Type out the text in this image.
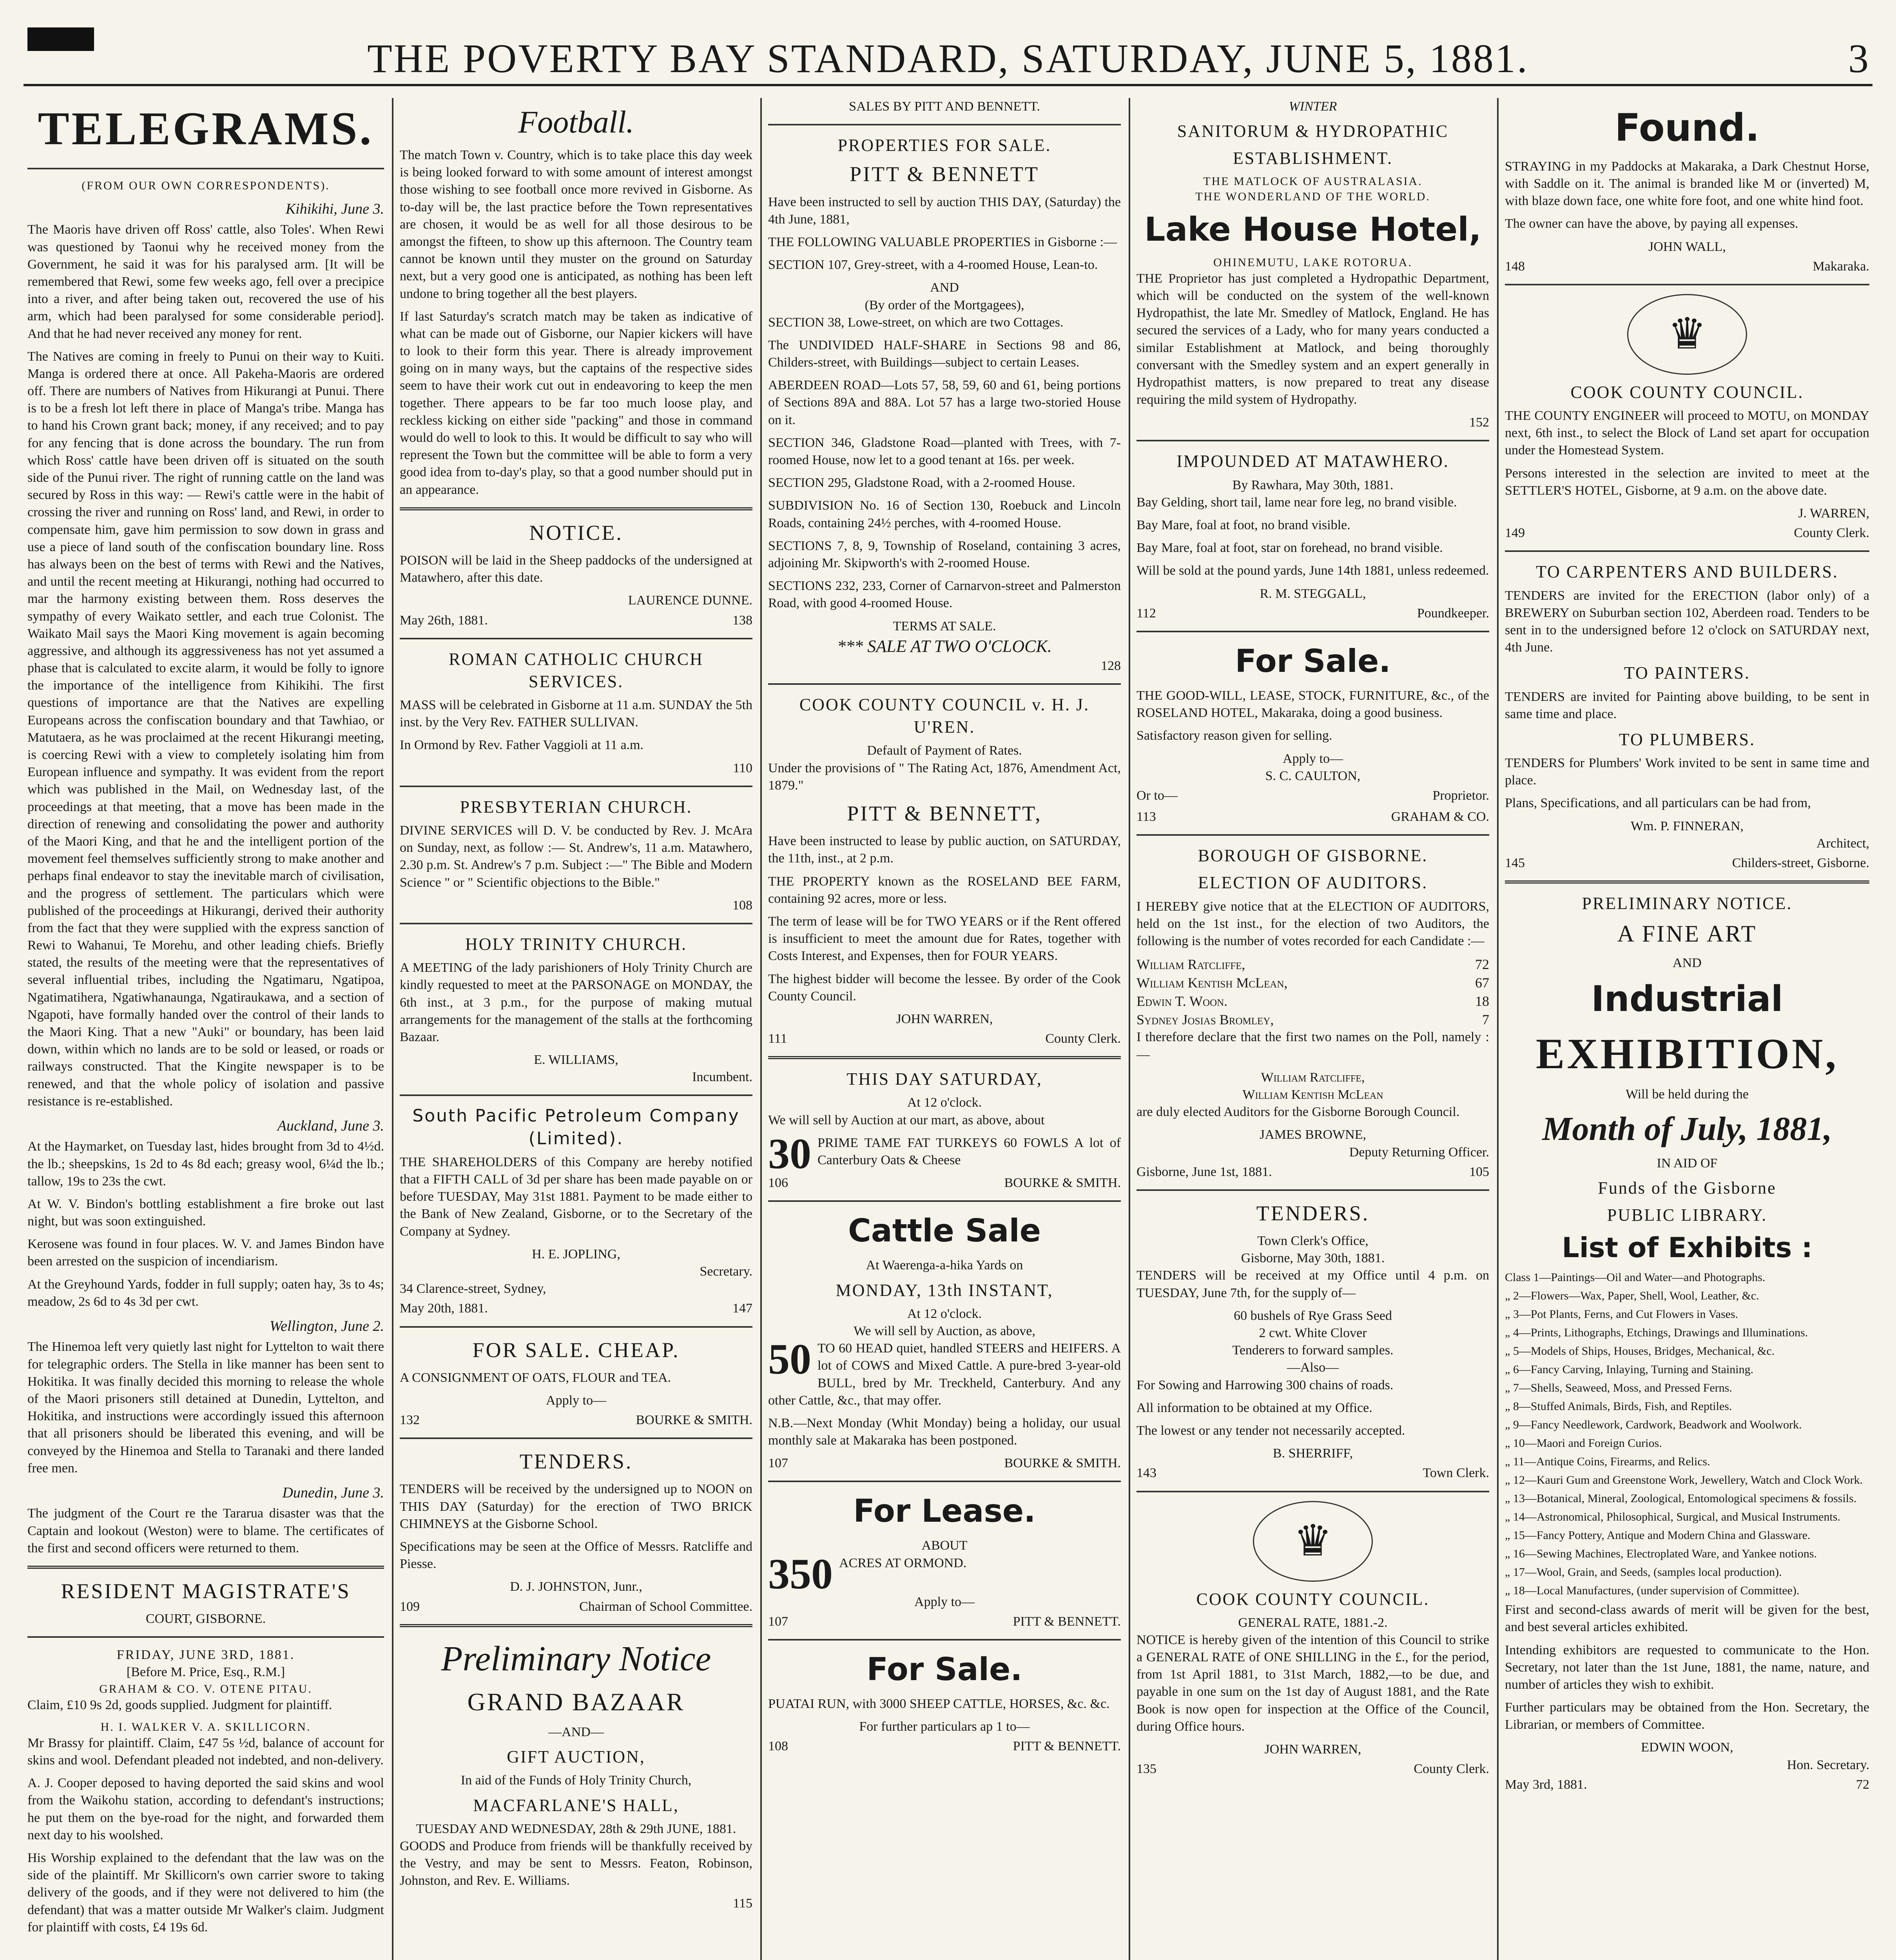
THE POVERTY BAY STANDARD, SATURDAY, JUNE 5, 1881.	3
TELEGRAMS.
(FROM OUR OWN CORRESPONDENTS).
Kihikihi, June 3.

The Maoris have driven off Ross' cattle, also Toles'. When Rewi was questioned by Taonui why he received money from the Government, he said it was for his paralysed arm. [It will be remembered that Rewi, some few weeks ago, fell over a precipice into a river, and after being taken out, recovered the use of his arm, which had been paralysed for some considerable period]. And that he had never received any money for rent.

The Natives are coming in freely to Punui on their way to Kuiti. Manga is ordered there at once. All Pakeha-Maoris are ordered off. There are numbers of Natives from Hikurangi at Punui. There is to be a fresh lot left there in place of Manga's tribe. Manga has to hand his Crown grant back; money, if any received; and to pay for any fencing that is done across the boundary. The run from which Ross' cattle have been driven off is situated on the south side of the Punui river. The right of running cattle on the land was secured by Ross in this way: — Rewi's cattle were in the habit of crossing the river and running on Ross' land, and Rewi, in order to compensate him, gave him permission to sow down in grass and use a piece of land south of the confiscation boundary line. Ross has always been on the best of terms with Rewi and the Natives, and until the recent meeting at Hikurangi, nothing had occurred to mar the harmony existing between them. Ross deserves the sympathy of every Waikato settler, and each true Colonist. The Waikato Mail says the Maori King movement is again becoming aggressive, and although its aggressiveness has not yet assumed a phase that is calculated to excite alarm, it would be folly to ignore the importance of the intelligence from Kihikihi. The first questions of importance are that the Natives are expelling Europeans across the confiscation boundary and that Tawhiao, or Matutaera, as he was proclaimed at the recent Hikurangi meeting, is coercing Rewi with a view to completely isolating him from European influence and sympathy. It was evident from the report which was published in the Mail, on Wednesday last, of the proceedings at that meeting, that a move has been made in the direction of renewing and consolidating the power and authority of the Maori King, and that he and the intelligent portion of the movement feel themselves sufficiently strong to make another and perhaps final endeavor to stay the inevitable march of civilisation, and the progress of settlement. The particulars which were published of the proceedings at Hikurangi, derived their authority from the fact that they were supplied with the express sanction of Rewi to Wahanui, Te Morehu, and other leading chiefs. Briefly stated, the results of the meeting were that the representatives of several influential tribes, including the Ngatimaru, Ngatipoa, Ngatimatihera, Ngatiwhanaunga, Ngatiraukawa, and a section of Ngapoti, have formally handed over the control of their lands to the Maori King. That a new "Auki" or boundary, has been laid down, within which no lands are to be sold or leased, or roads or railways constructed. That the Kingite newspaper is to be renewed, and that the whole policy of isolation and passive resistance is re-established.

Auckland, June 3.

At the Haymarket, on Tuesday last, hides brought from 3d to 4½d. the lb.; sheepskins, 1s 2d to 4s 8d each; greasy wool, 6¼d the lb.; tallow, 19s to 23s the cwt.

At W. V. Bindon's bottling establishment a fire broke out last night, but was soon extinguished.

Kerosene was found in four places. W. V. and James Bindon have been arrested on the suspicion of incendiarism.

At the Greyhound Yards, fodder in full supply; oaten hay, 3s to 4s; meadow, 2s 6d to 4s 3d per cwt.

Wellington, June 2.

The Hinemoa left very quietly last night for Lyttelton to wait there for telegraphic orders. The Stella in like manner has been sent to Hokitika. It was finally decided this morning to release the whole of the Maori prisoners still detained at Dunedin, Lyttelton, and Hokitika, and instructions were accordingly issued this afternoon that all prisoners should be liberated this evening, and will be conveyed by the Hinemoa and Stella to Taranaki and there landed free men.

Dunedin, June 3.

The judgment of the Court re the Tararua disaster was that the Captain and lookout (Weston) were to blame. The certificates of the first and second officers were returned to them.

RESIDENT MAGISTRATE'S
COURT, GISBORNE.
FRIDAY, JUNE 3RD, 1881.
[Before M. Price, Esq., R.M.]
GRAHAM & CO. V. OTENE PITAU.

Claim, £10 9s 2d, goods supplied. Judgment for plaintiff.

H. I. WALKER V. A. SKILLICORN.

Mr Brassy for plaintiff. Claim, £47 5s ½d, balance of account for skins and wool. Defendant pleaded not indebted, and non-delivery.

A. J. Cooper deposed to having deported the said skins and wool from the Waikohu station, according to defendant's instructions; he put them on the bye-road for the night, and forwarded them next day to his woolshed.

His Worship explained to the defendant that the law was on the side of the plaintiff. Mr Skillicorn's own carrier swore to taking delivery of the goods, and if they were not delivered to him (the defendant) that was a matter outside Mr Walker's claim. Judgment for plaintiff with costs, £4 19s 6d.

Football.

The match Town v. Country, which is to take place this day week is being looked forward to with some amount of interest amongst those wishing to see football once more revived in Gisborne. As to-day will be, the last practice before the Town representatives are chosen, it would be as well for all those desirous to be amongst the fifteen, to show up this afternoon. The Country team cannot be known until they muster on the ground on Saturday next, but a very good one is anticipated, as nothing has been left undone to bring together all the best players.

If last Saturday's scratch match may be taken as indicative of what can be made out of Gisborne, our Napier kickers will have to look to their form this year. There is already improvement going on in many ways, but the captains of the respective sides seem to have their work cut out in endeavoring to keep the men together. There appears to be far too much loose play, and reckless kicking on either side "packing" and those in command would do well to look to this. It would be difficult to say who will represent the Town but the committee will be able to form a very good idea from to-day's play, so that a good number should put in an appearance.

NOTICE.

POISON will be laid in the Sheep paddocks of the undersigned at Matawhero, after this date.

LAURENCE DUNNE.
May 26th, 1881.	138
ROMAN CATHOLIC CHURCH SERVICES.

MASS will be celebrated in Gisborne at 11 a.m. SUNDAY the 5th inst. by the Very Rev. FATHER SULLIVAN.

In Ormond by Rev. Father Vaggioli at 11 a.m.

110
PRESBYTERIAN CHURCH.

DIVINE SERVICES will D. V. be conducted by Rev. J. McAra on Sunday, next, as follow :— St. Andrew's, 11 a.m. Matawhero, 2.30 p.m. St. Andrew's 7 p.m. Subject :—" The Bible and Modern Science " or " Scientific objections to the Bible."

108
HOLY TRINITY CHURCH.

A MEETING of the lady parishioners of Holy Trinity Church are kindly requested to meet at the PARSONAGE on MONDAY, the 6th inst., at 3 p.m., for the purpose of making mutual arrangements for the management of the stalls at the forthcoming Bazaar.

E. WILLIAMS,
Incumbent.
South Pacific Petroleum Company (Limited).

THE SHAREHOLDERS of this Company are hereby notified that a FIFTH CALL of 3d per share has been made payable on or before TUESDAY, May 31st 1881. Payment to be made either to the Bank of New Zealand, Gisborne, or to the Secretary of the Company at Sydney.

H. E. JOPLING,
Secretary.
34 Clarence-street, Sydney,
May 20th, 1881.	147
FOR SALE. CHEAP.

A CONSIGNMENT OF OATS, FLOUR and TEA.

Apply to—
132	BOURKE & SMITH.
TENDERS.

TENDERS will be received by the undersigned up to NOON on THIS DAY (Saturday) for the erection of TWO BRICK CHIMNEYS at the Gisborne School.

Specifications may be seen at the Office of Messrs. Ratcliffe and Piesse.

D. J. JOHNSTON, Junr.,
109	Chairman of School Committee.
Preliminary Notice
GRAND BAZAAR
—AND—
GIFT AUCTION,
In aid of the Funds of Holy Trinity Church,
MACFARLANE'S HALL,
TUESDAY AND WEDNESDAY, 28th & 29th JUNE, 1881.

GOODS and Produce from friends will be thankfully received by the Vestry, and may be sent to Messrs. Featon, Robinson, Johnston, and Rev. E. Williams.

115
SALES BY PITT AND BENNETT.
PROPERTIES FOR SALE.
PITT & BENNETT

Have been instructed to sell by auction THIS DAY, (Saturday) the 4th June, 1881,

THE FOLLOWING VALUABLE PROPERTIES in Gisborne :—

SECTION 107, Grey-street, with a 4-roomed House, Lean-to.

AND
(By order of the Mortgagees),

SECTION 38, Lowe-street, on which are two Cottages.

The UNDIVIDED HALF-SHARE in Sections 98 and 86, Childers-street, with Buildings—subject to certain Leases.

ABERDEEN ROAD—Lots 57, 58, 59, 60 and 61, being portions of Sections 89A and 88A. Lot 57 has a large two-storied House on it.

SECTION 346, Gladstone Road—planted with Trees, with 7-roomed House, now let to a good tenant at 16s. per week.

SECTION 295, Gladstone Road, with a 2-roomed House.

SUBDIVISION No. 16 of Section 130, Roebuck and Lincoln Roads, containing 24½ perches, with 4-roomed House.

SECTIONS 7, 8, 9, Township of Roseland, containing 3 acres, adjoining Mr. Skipworth's with 2-roomed House.

SECTIONS 232, 233, Corner of Carnarvon-street and Palmerston Road, with good 4-roomed House.

TERMS AT SALE.
*** SALE AT TWO O'CLOCK.
128
COOK COUNTY COUNCIL v. H. J. U'REN.
Default of Payment of Rates.

Under the provisions of " The Rating Act, 1876, Amendment Act, 1879."

PITT & BENNETT,

Have been instructed to lease by public auction, on SATURDAY, the 11th, inst., at 2 p.m.

THE PROPERTY known as the ROSELAND BEE FARM, containing 92 acres, more or less.

The term of lease will be for TWO YEARS or if the Rent offered is insufficient to meet the amount due for Rates, together with Costs Interest, and Expenses, then for FOUR YEARS.

The highest bidder will become the lessee. By order of the Cook County Council.

JOHN WARREN,
111	County Clerk.
THIS DAY SATURDAY,
At 12 o'clock.

We will sell by Auction at our mart, as above, about

30 PRIME TAME FAT TURKEYS 60 FOWLS A lot of Canterbury Oats & Cheese

106	BOURKE & SMITH.
Cattle Sale
At Waerenga-a-hika Yards on
MONDAY, 13th INSTANT,
At 12 o'clock.
We will sell by Auction, as above,

50 TO 60 HEAD quiet, handled STEERS and HEIFERS. A lot of COWS and Mixed Cattle. A pure-bred 3-year-old BULL, bred by Mr. Treckheld, Canterbury. And any other Cattle, &c., that may offer.

N.B.—Next Monday (Whit Monday) being a holiday, our usual monthly sale at Makaraka has been postponed.

107	BOURKE & SMITH.
For Lease.
ABOUT

350 ACRES AT ORMOND.

Apply to—
107	PITT & BENNETT.
For Sale.

PUATAI RUN, with 3000 SHEEP CATTLE, HORSES, &c. &c.

For further particulars ap 1 to—
108	PITT & BENNETT.
WINTER
SANITORUM & HYDROPATHIC
ESTABLISHMENT.
THE MATLOCK OF AUSTRALASIA.
THE WONDERLAND OF THE WORLD.
Lake House Hotel,
OHINEMUTU, LAKE ROTORUA.

THE Proprietor has just completed a Hydropathic Department, which will be conducted on the system of the well-known Hydropathist, the late Mr. Smedley of Matlock, England. He has secured the services of a Lady, who for many years conducted a similar Establishment at Matlock, and being thoroughly conversant with the Smedley system and an expert generally in Hydropathist matters, is now prepared to treat any disease requiring the mild system of Hydropathy.

152
IMPOUNDED AT MATAWHERO.
By Rawhara, May 30th, 1881.

Bay Gelding, short tail, lame near fore leg, no brand visible.

Bay Mare, foal at foot, no brand visible.

Bay Mare, foal at foot, star on forehead, no brand visible.

Will be sold at the pound yards, June 14th 1881, unless redeemed.

R. M. STEGGALL,
112	Poundkeeper.
For Sale.

THE GOOD-WILL, LEASE, STOCK, FURNITURE, &c., of the ROSELAND HOTEL, Makaraka, doing a good business.

Satisfactory reason given for selling.

Apply to—
S. C. CAULTON,
Or to—	Proprietor.
113	GRAHAM & CO.
BOROUGH OF GISBORNE.
ELECTION OF AUDITORS.

I HEREBY give notice that at the ELECTION OF AUDITORS, held on the 1st inst., for the election of two Auditors, the following is the number of votes recorded for each Candidate :—

William Ratcliffe,	72
William Kentish McLean,	67
Edwin T. Woon.	18
Sydney Josias Bromley,	7

I therefore declare that the first two names on the Poll, namely :—

William Ratcliffe,
William Kentish McLean

are duly elected Auditors for the Gisborne Borough Council.

JAMES BROWNE,
Deputy Returning Officer.
Gisborne, June 1st, 1881.	105
TENDERS.
Town Clerk's Office,
Gisborne, May 30th, 1881.

TENDERS will be received at my Office until 4 p.m. on TUESDAY, June 7th, for the supply of—

60 bushels of Rye Grass Seed
2 cwt. White Clover
Tenderers to forward samples.
—Also—

For Sowing and Harrowing 300 chains of roads.

All information to be obtained at my Office.

The lowest or any tender not necessarily accepted.

B. SHERRIFF,
143	Town Clerk.
♛
COOK COUNTY COUNCIL.
GENERAL RATE, 1881.-2.

NOTICE is hereby given of the intention of this Council to strike a GENERAL RATE of ONE SHILLING in the £., for the period, from 1st April 1881, to 31st March, 1882,—to be due, and payable in one sum on the 1st day of August 1881, and the Rate Book is now open for inspection at the Office of the Council, during Office hours.

JOHN WARREN,
135	County Clerk.
Found.

STRAYING in my Paddocks at Makaraka, a Dark Chestnut Horse, with Saddle on it. The animal is branded like M or (inverted) M, with blaze down face, one white fore foot, and one white hind foot.

The owner can have the above, by paying all expenses.

JOHN WALL,
148	Makaraka.
♛
COOK COUNTY COUNCIL.

THE COUNTY ENGINEER will proceed to MOTU, on MONDAY next, 6th inst., to select the Block of Land set apart for occupation under the Homestead System.

Persons interested in the selection are invited to meet at the SETTLER'S HOTEL, Gisborne, at 9 a.m. on the above date.

J. WARREN,
149	County Clerk.
TO CARPENTERS AND BUILDERS.

TENDERS are invited for the ERECTION (labor only) of a BREWERY on Suburban section 102, Aberdeen road. Tenders to be sent in to the undersigned before 12 o'clock on SATURDAY next, 4th June.

TO PAINTERS.

TENDERS are invited for Painting above building, to be sent in same time and place.

TO PLUMBERS.

TENDERS for Plumbers' Work invited to be sent in same time and place.

Plans, Specifications, and all particulars can be had from,

Wm. P. FINNERAN,
Architect,
145	Childers-street, Gisborne.
PRELIMINARY NOTICE.
A FINE ART
AND
Industrial
EXHIBITION,
Will be held during the
Month of July, 1881,
IN AID OF
Funds of the Gisborne
PUBLIC LIBRARY.
List of Exhibits :
Class 1—Paintings—Oil and Water—and Photographs.
„ 2—Flowers—Wax, Paper, Shell, Wool, Leather, &c.
„ 3—Pot Plants, Ferns, and Cut Flowers in Vases.
„ 4—Prints, Lithographs, Etchings, Drawings and Illuminations.
„ 5—Models of Ships, Houses, Bridges, Mechanical, &c.
„ 6—Fancy Carving, Inlaying, Turning and Staining.
„ 7—Shells, Seaweed, Moss, and Pressed Ferns.
„ 8—Stuffed Animals, Birds, Fish, and Reptiles.
„ 9—Fancy Needlework, Cardwork, Beadwork and Woolwork.
„ 10—Maori and Foreign Curios.
„ 11—Antique Coins, Firearms, and Relics.
„ 12—Kauri Gum and Greenstone Work, Jewellery, Watch and Clock Work.
„ 13—Botanical, Mineral, Zoological, Entomological specimens & fossils.
„ 14—Astronomical, Philosophical, Surgical, and Musical Instruments.
„ 15—Fancy Pottery, Antique and Modern China and Glassware.
„ 16—Sewing Machines, Electroplated Ware, and Yankee notions.
„ 17—Wool, Grain, and Seeds, (samples local production).
„ 18—Local Manufactures, (under supervision of Committee).

First and second-class awards of merit will be given for the best, and best several articles exhibited.

Intending exhibitors are requested to communicate to the Hon. Secretary, not later than the 1st June, 1881, the name, nature, and number of articles they wish to exhibit.

Further particulars may be obtained from the Hon. Secretary, the Librarian, or members of Committee.

EDWIN WOON,
Hon. Secretary.
May 3rd, 1881.	72
